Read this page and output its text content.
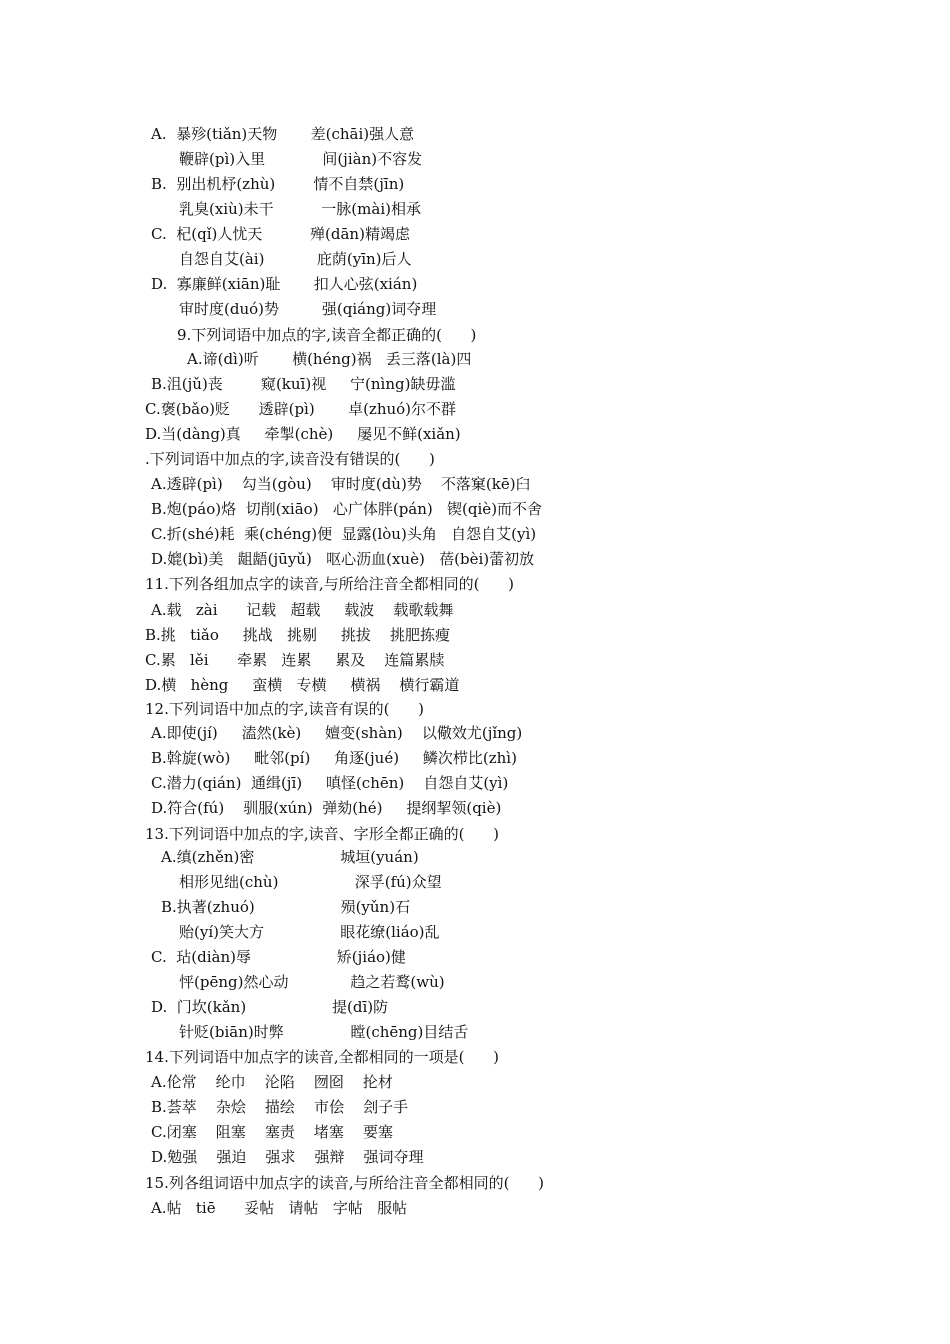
A.  暴殄(tiǎn)天物       差(chāi)强人意
鞭辟(pì)入里            间(jiàn)不容发
B.  别出机杼(zhù)        情不自禁(jīn)
乳臭(xiù)未干          一脉(mài)相承
C.  杞(qǐ)人忧天          殚(dān)精竭虑
自怨自艾(ài)           庇荫(yīn)后人
D.  寡廉鲜(xiān)耻       扣人心弦(xián)
审时度(duó)势         强(qiáng)词夺理
9.下列词语中加点的字,读音全都正确的(      )
A.谛(dì)听       横(héng)祸   丢三落(là)四
B.沮(jǔ)丧        窥(kuī)视     宁(nìng)缺毋滥
C.褒(bǎo)贬      透辟(pì)       卓(zhuó)尔不群
D.当(dàng)真     牵掣(chè)     屡见不鲜(xiǎn)
.下列词语中加点的字,读音没有错误的(      )
A.透辟(pì)    勾当(gòu)    审时度(dù)势    不落窠(kē)臼
B.炮(páo)烙  切削(xiāo)   心广体胖(pán)   锲(qiè)而不舍
C.折(shé)耗  乘(chéng)便  显露(lòu)头角   自怨自艾(yì)
D.媲(bì)美   龃龉(jūyǔ)   呕心沥血(xuè)   蓓(bèi)蕾初放
11.下列各组加点字的读音,与所给注音全都相同的(      )
A.载   zài      记载   超载     载波    载歌载舞
B.挑   tiǎo     挑战   挑剔     挑拔    挑肥拣瘦
C.累   lěi      牵累   连累     累及    连篇累牍
D.横   hèng     蛮横   专横     横祸    横行霸道
12.下列词语中加点的字,读音有误的(      )
A.即使(jí)     溘然(kè)     嬗变(shàn)    以儆效尤(jǐng)
B.斡旋(wò)     毗邻(pí)     角逐(jué)     鳞次栉比(zhì)
C.潜力(qián)  通缉(jī)     嗔怪(chēn)    自怨自艾(yì)
D.符合(fú)    驯服(xún)  弹劾(hé)     提纲挈领(qiè)
13.下列词语中加点的字,读音、字形全都正确的(      )
A.缜(zhěn)密                  城垣(yuán)
相形见绌(chù)                深孚(fú)众望
B.执著(zhuó)                  殒(yǔn)石
贻(yí)笑大方                眼花缭(liáo)乱
C.  玷(diàn)辱                  矫(jiáo)健
怦(pēng)然心动             趋之若鹜(wù)
D.  门坎(kǎn)                  提(dī)防
针贬(biān)时弊              瞠(chēng)目结舌
14.下列词语中加点字的读音,全都相同的一项是(      )
A.伦常    纶巾    沦陷    囫囵    抡材
B.荟萃    杂烩    描绘    市侩    刽子手
C.闭塞    阻塞    塞责    堵塞    要塞
D.勉强    强迫    强求    强辩    强词夺理
15.列各组词语中加点字的读音,与所给注音全都相同的(      )
A.帖   tiē      妥帖   请帖   字帖   服帖
